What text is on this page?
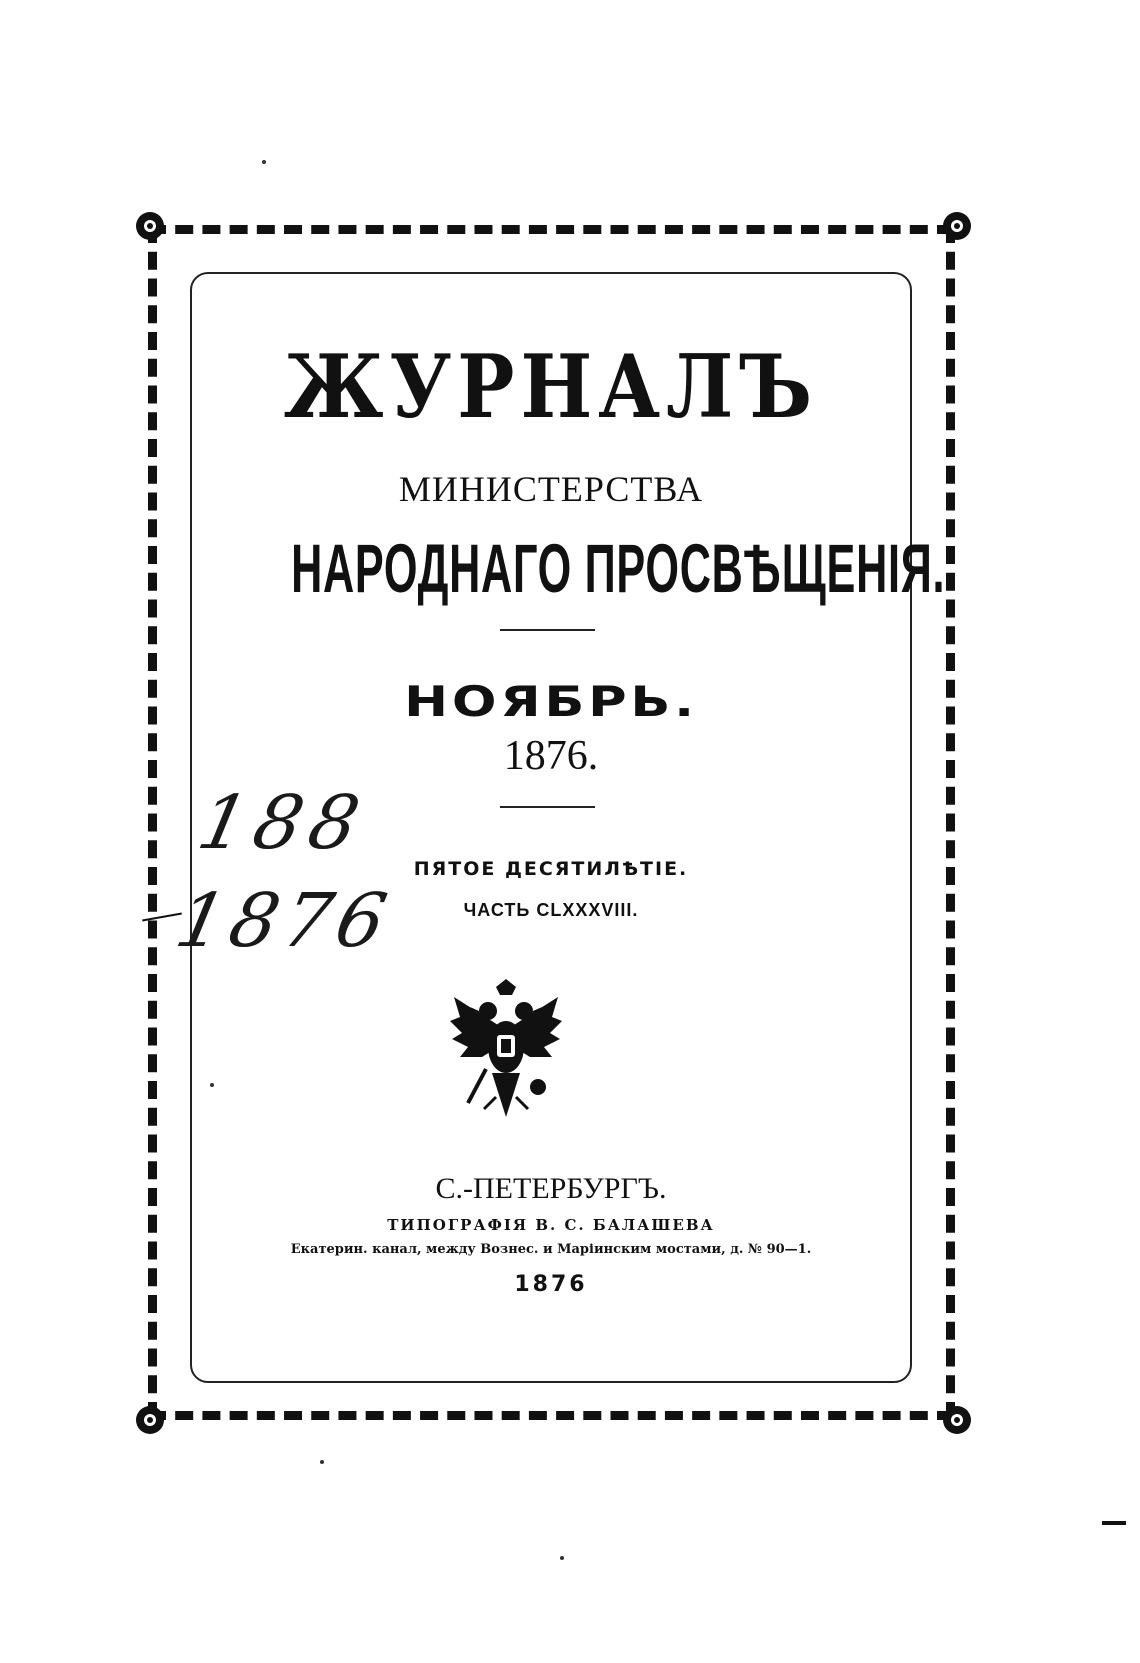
ЖУРНАЛЪ
МИНИСТЕРСТВА
НАРОДНАГО ПРОСВѢЩЕНІЯ.
НОЯБРЬ.
1876.
ПЯТОЕ ДЕСЯТИЛѢТІЕ.
ЧАСТЬ CLXXXVIII.
С.-ПЕТЕРБУРГЪ.
ТИПОГРАФІЯ В. С. БАЛАШЕВА
Екатерин. канал, между Вознес. и Маріинским мостами, д. № 90—1.
1876
188
1876
